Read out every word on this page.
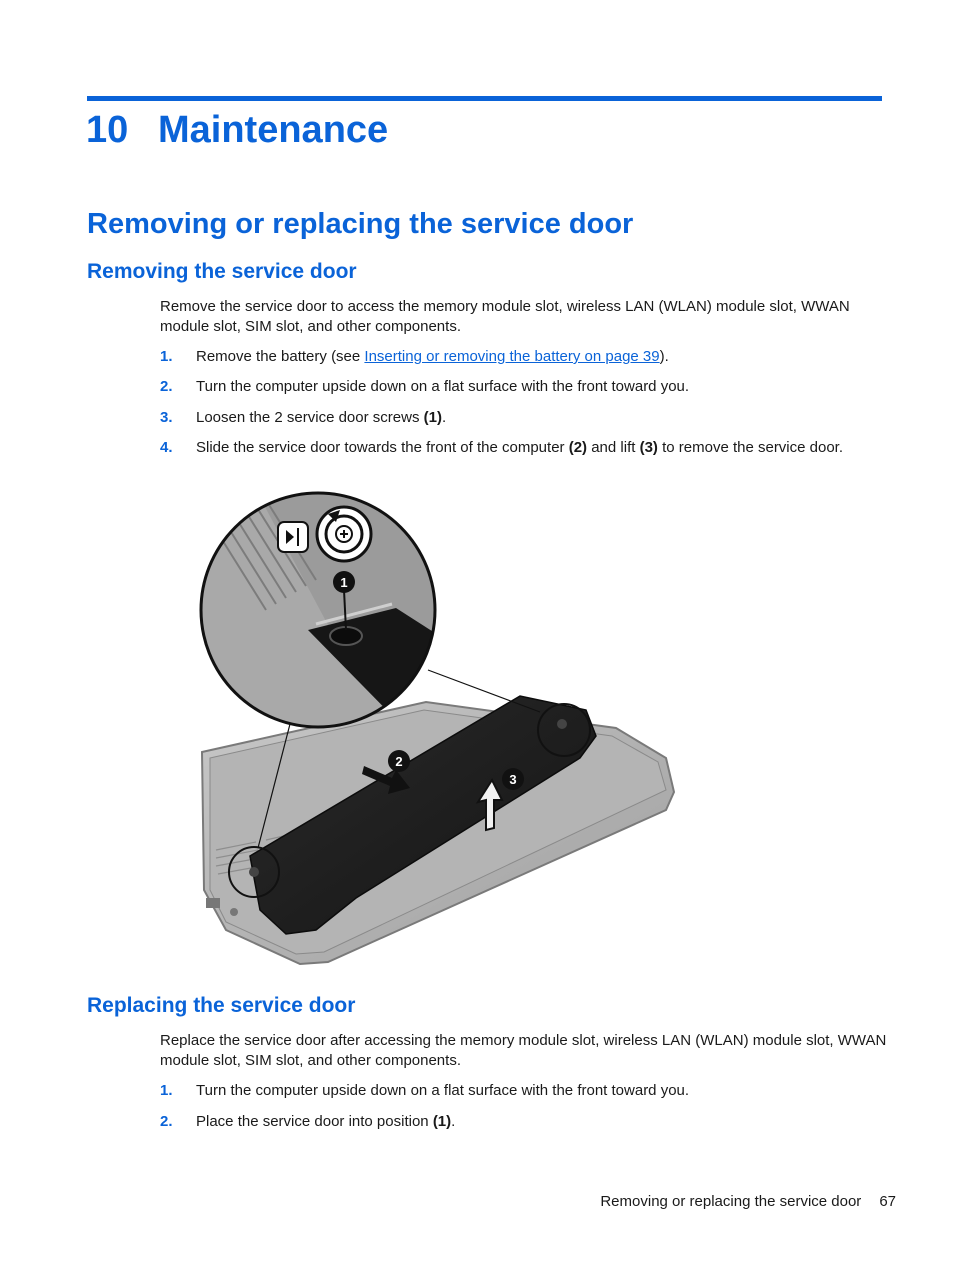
10 Maintenance
Removing or replacing the service door
Removing the service door

Remove the service door to access the memory module slot, wireless LAN (WLAN) module slot, WWAN module slot, SIM slot, and other components.

1. Remove the battery (see Inserting or removing the battery on page 39).
2. Turn the computer upside down on a flat surface with the front toward you.
3. Loosen the 2 service door screws (1).
4. Slide the service door towards the front of the computer (2) and lift (3) to remove the service door.
1
2
3
Replacing the service door

Replace the service door after accessing the memory module slot, wireless LAN (WLAN) module slot, WWAN module slot, SIM slot, and other components.

1. Turn the computer upside down on a flat surface with the front toward you.
2. Place the service door into position (1).
Removing or replacing the service door 67
